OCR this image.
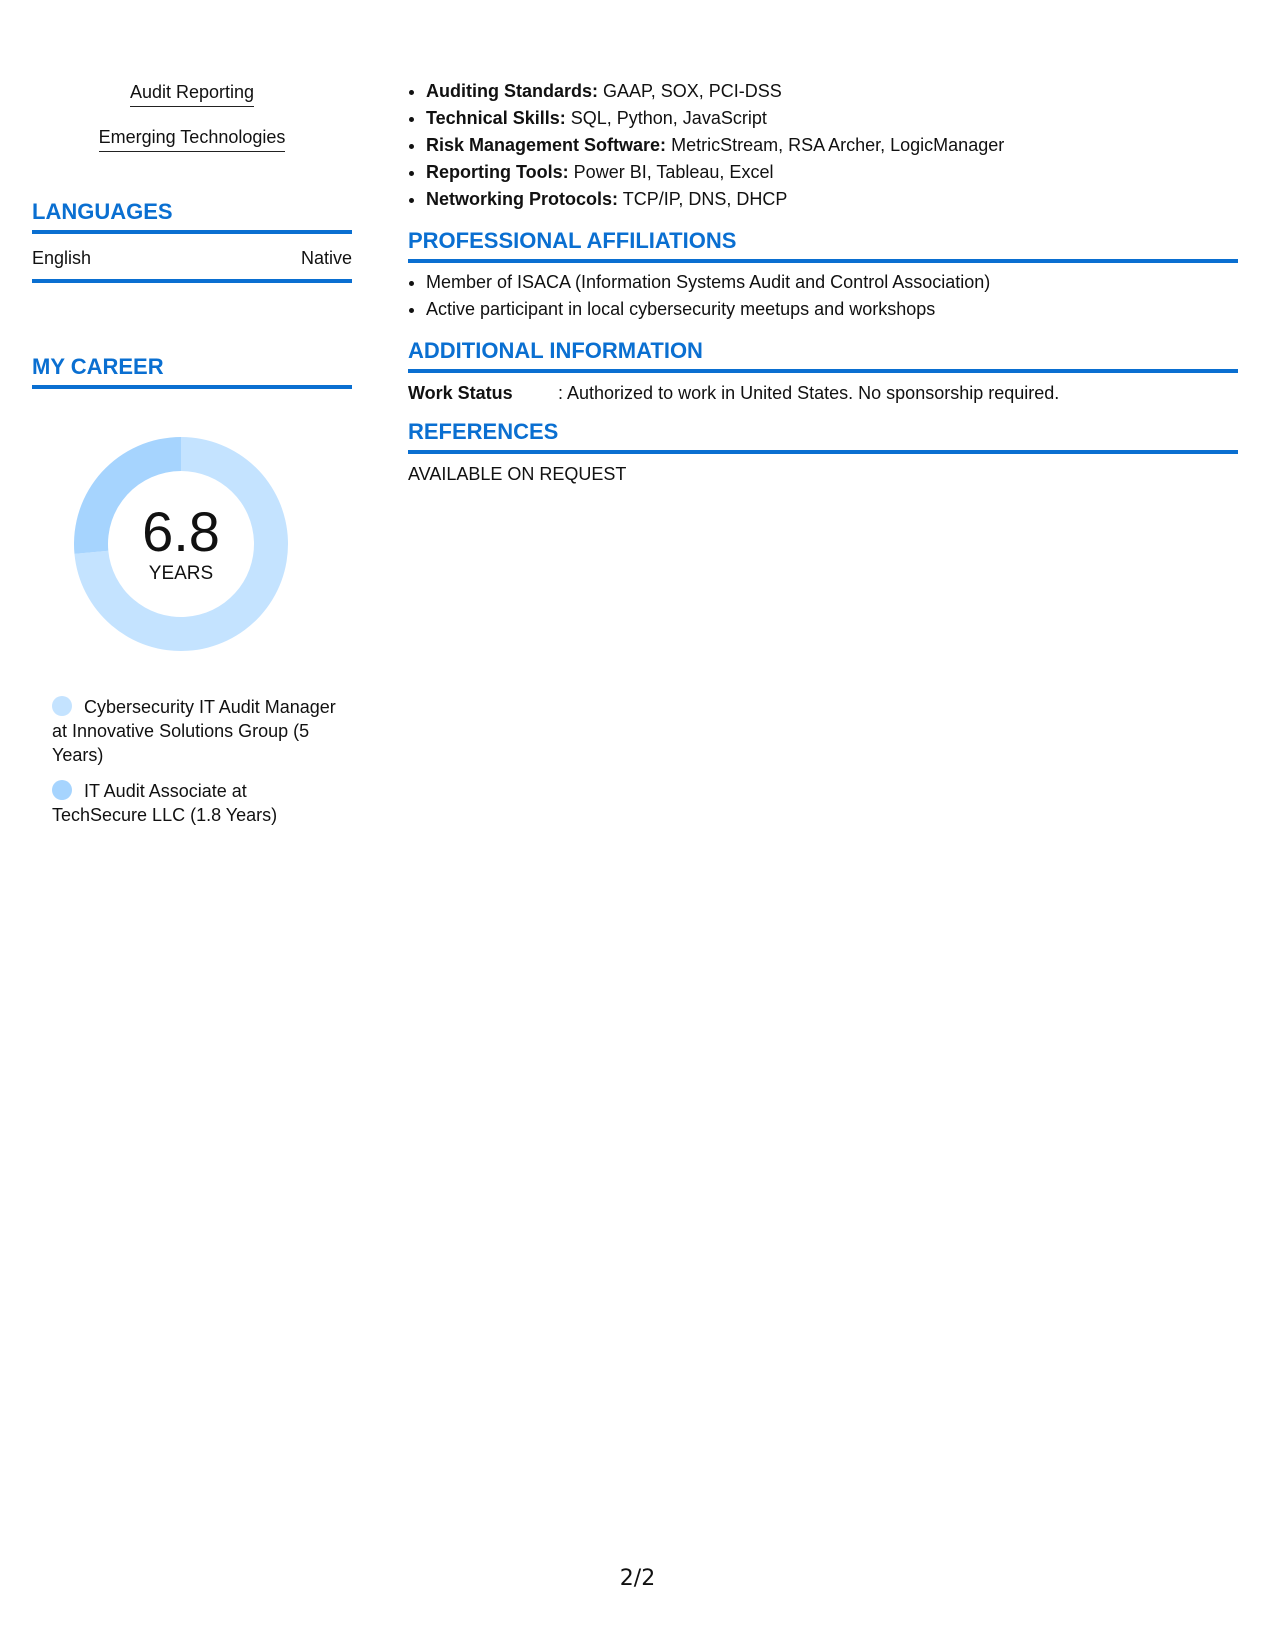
Audit Reporting
Emerging Technologies
LANGUAGES
English	Native
MY CAREER
6.8
YEARS
Cybersecurity IT Audit Manager at Innovative Solutions Group (5 Years)
IT Audit Associate at TechSecure LLC (1.8 Years)
• Auditing Standards: GAAP, SOX, PCI-DSS
• Technical Skills: SQL, Python, JavaScript
• Risk Management Software: MetricStream, RSA Archer, LogicManager
• Reporting Tools: Power BI, Tableau, Excel
• Networking Protocols: TCP/IP, DNS, DHCP
PROFESSIONAL AFFILIATIONS
• Member of ISACA (Information Systems Audit and Control Association)
• Active participant in local cybersecurity meetups and workshops
ADDITIONAL INFORMATION
Work Status	: Authorized to work in United States. No sponsorship required.
REFERENCES
AVAILABLE ON REQUEST
2/2
